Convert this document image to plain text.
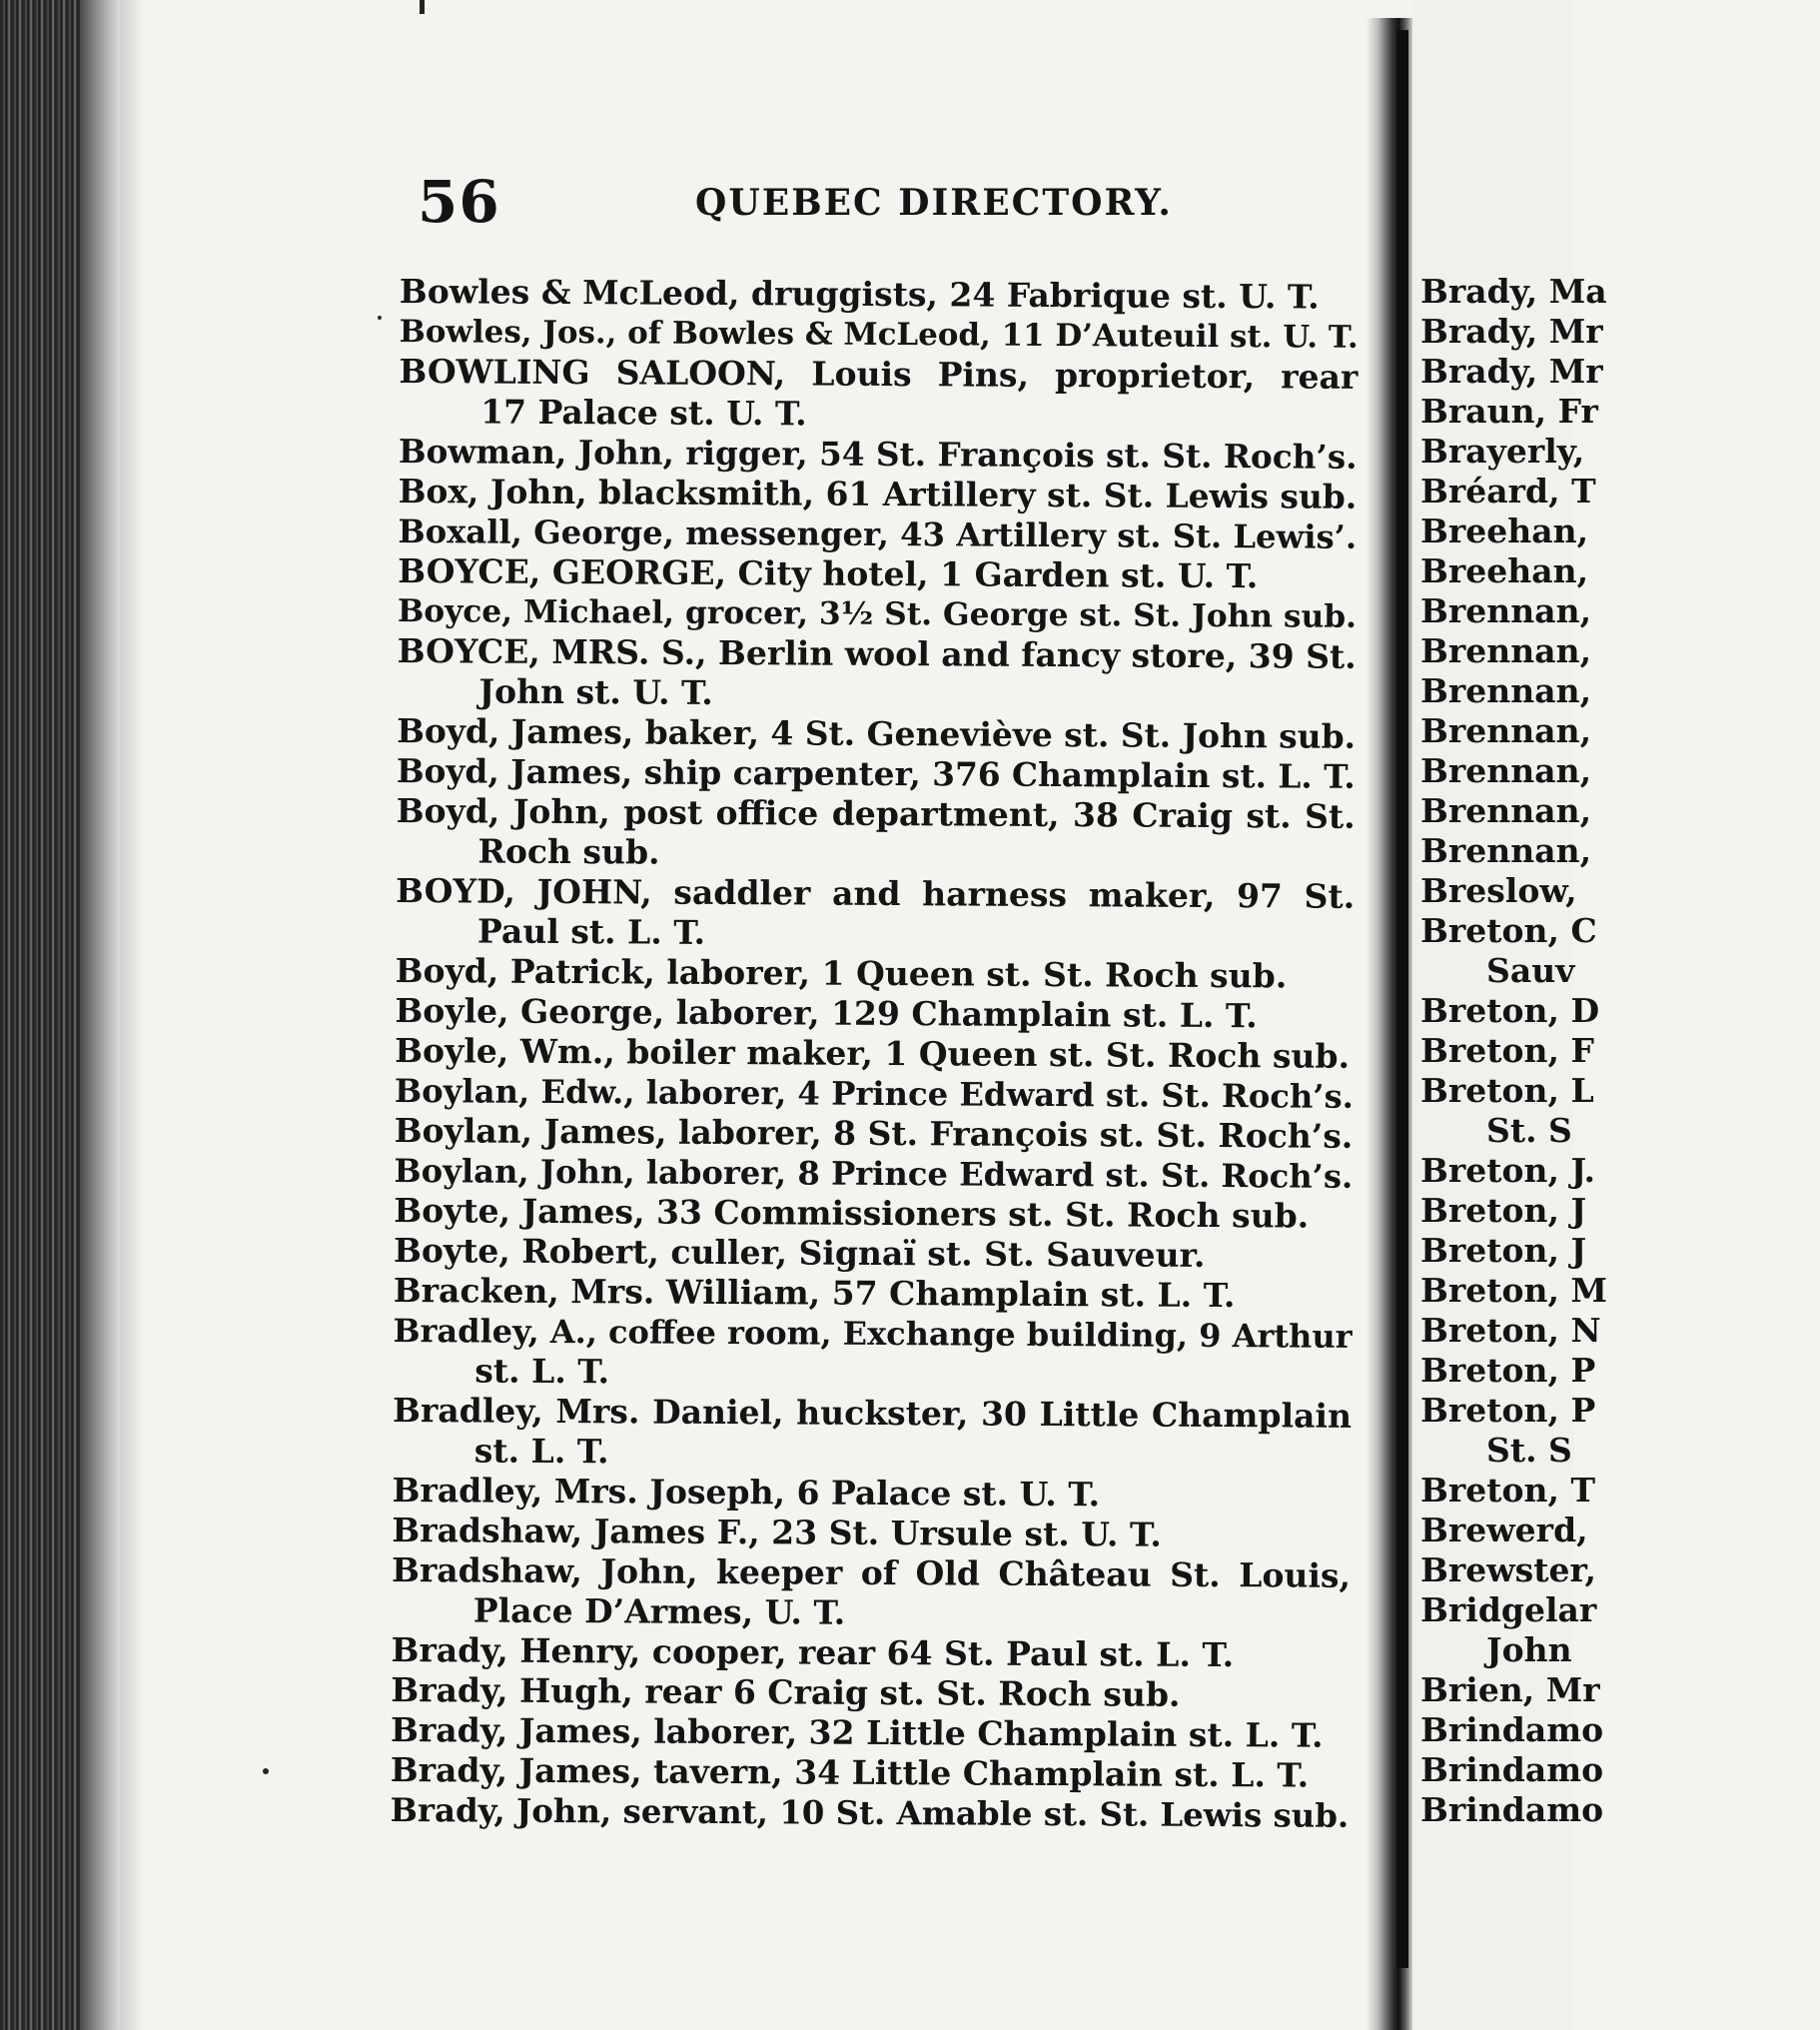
56	QUEBEC DIRECTORY.
Bowles & McLeod, druggists, 24 Fabrique st. U. T.
Bowles, Jos., of Bowles & McLeod, 11 D’Auteuil st. U. T.
BOWLING SALOON, Louis Pins, proprietor, rear
17 Palace st. U. T.
Bowman, John, rigger, 54 St. François st. St. Roch’s.
Box, John, blacksmith, 61 Artillery st. St. Lewis sub.
Boxall, George, messenger, 43 Artillery st. St. Lewis’.
BOYCE, GEORGE, City hotel, 1 Garden st. U. T.
Boyce, Michael, grocer, 3½ St. George st. St. John sub.
BOYCE, MRS. S., Berlin wool and fancy store, 39 St.
John st. U. T.
Boyd, James, baker, 4 St. Geneviève st. St. John sub.
Boyd, James, ship carpenter, 376 Champlain st. L. T.
Boyd, John, post office department, 38 Craig st. St.
Roch sub.
BOYD, JOHN, saddler and harness maker, 97 St.
Paul st. L. T.
Boyd, Patrick, laborer, 1 Queen st. St. Roch sub.
Boyle, George, laborer, 129 Champlain st. L. T.
Boyle, Wm., boiler maker, 1 Queen st. St. Roch sub.
Boylan, Edw., laborer, 4 Prince Edward st. St. Roch’s.
Boylan, James, laborer, 8 St. François st. St. Roch’s.
Boylan, John, laborer, 8 Prince Edward st. St. Roch’s.
Boyte, James, 33 Commissioners st. St. Roch sub.
Boyte, Robert, culler, Signaï st. St. Sauveur.
Bracken, Mrs. William, 57 Champlain st. L. T.
Bradley, A., coffee room, Exchange building, 9 Arthur
st. L. T.
Bradley, Mrs. Daniel, huckster, 30 Little Champlain
st. L. T.
Bradley, Mrs. Joseph, 6 Palace st. U. T.
Bradshaw, James F., 23 St. Ursule st. U. T.
Bradshaw, John, keeper of Old Château St. Louis,
Place D’Armes, U. T.
Brady, Henry, cooper, rear 64 St. Paul st. L. T.
Brady, Hugh, rear 6 Craig st. St. Roch sub.
Brady, James, laborer, 32 Little Champlain st. L. T.
Brady, James, tavern, 34 Little Champlain st. L. T.
Brady, John, servant, 10 St. Amable st. St. Lewis sub.
Brady, Ma
Brady, Mr
Brady, Mr
Braun, Fr
Brayerly,
Bréard, T
Breehan,
Breehan,
Brennan,
Brennan,
Brennan,
Brennan,
Brennan,
Brennan,
Brennan,
Breslow,
Breton, C
Sauv
Breton, D
Breton, F
Breton, L
St. S
Breton, J.
Breton, J
Breton, J
Breton, M
Breton, N
Breton, P
Breton, P
St. S
Breton, T
Brewerd,
Brewster,
Bridgelar
John
Brien, Mr
Brindamo
Brindamo
Brindamo
